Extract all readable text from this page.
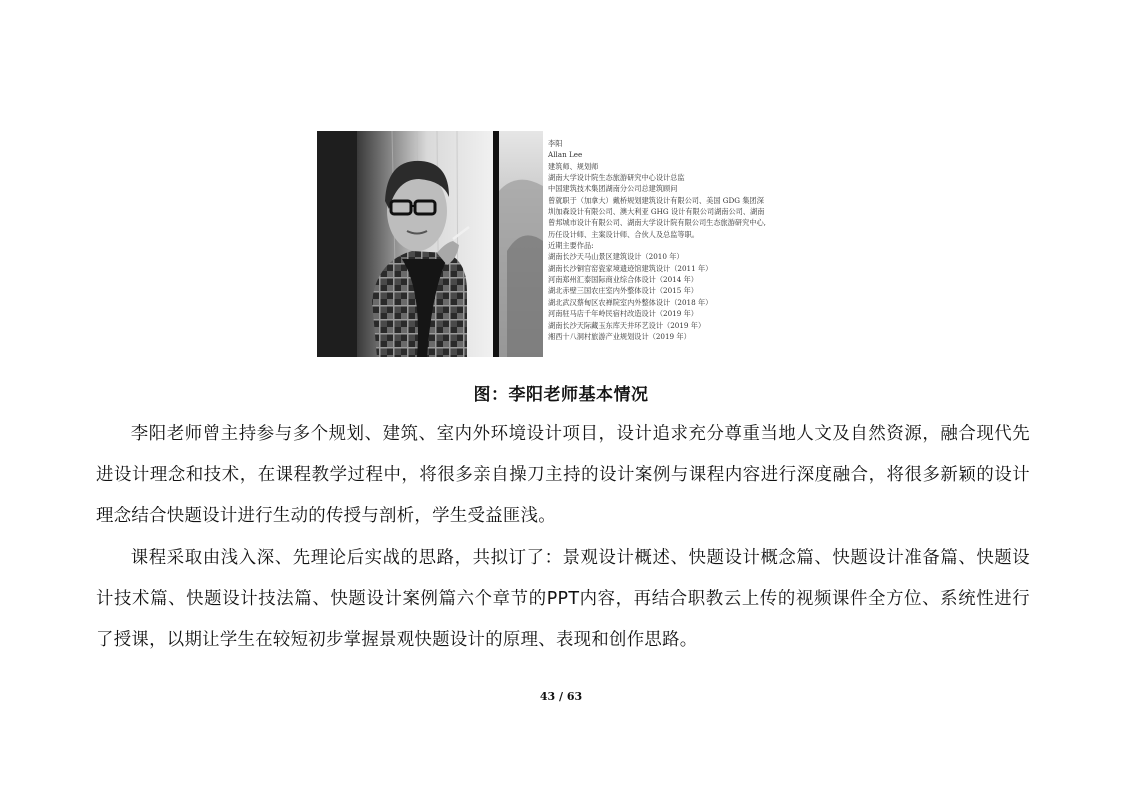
李阳
Allan Lee
建筑师、规划师
湖南大学设计院生态旅游研究中心设计总监
中国建筑技术集团湖南分公司总建筑顾问
曾就职于（加拿大）戴桥规划建筑设计有限公司、美国 GDG 集团深
圳加森设计有限公司、澳大利亚 GHG 设计有限公司湖南公司、湖南
曾邦城市设计有限公司、湖南大学设计院有限公司生态旅游研究中心,
历任设计师、主案设计师、合伙人及总监等职。
近期主要作品:
湖南长沙天马山景区建筑设计（2010 年）
湖南长沙铜官窑瓷家境遗迹馆建筑设计（2011 年）
河南郑州汇泰国际商业综合体设计（2014 年）
湖北赤壁三国农庄室内外整体设计（2015 年）
湖北武汉蔡甸区农禅院室内外整体设计（2018 年）
河南驻马店千年岭民宿村改造设计（2019 年）
湖南长沙天际藏玉东库天井环艺设计（2019 年）
湘西十八洞村旅游产业规划设计（2019 年）
图：李阳老师基本情况

李阳老师曾主持参与多个规划、建筑、室内外环境设计项目，设计追求充分尊重当地人文及自然资源，融合现代先进设计理念和技术，在课程教学过程中，将很多亲自操刀主持的设计案例与课程内容进行深度融合，将很多新颖的设计理念结合快题设计进行生动的传授与剖析，学生受益匪浅。

课程采取由浅入深、先理论后实战的思路，共拟订了：景观设计概述、快题设计概念篇、快题设计准备篇、快题设计技术篇、快题设计技法篇、快题设计案例篇六个章节的PPT内容，再结合职教云上传的视频课件全方位、系统性进行了授课，以期让学生在较短初步掌握景观快题设计的原理、表现和创作思路。

43 / 63
